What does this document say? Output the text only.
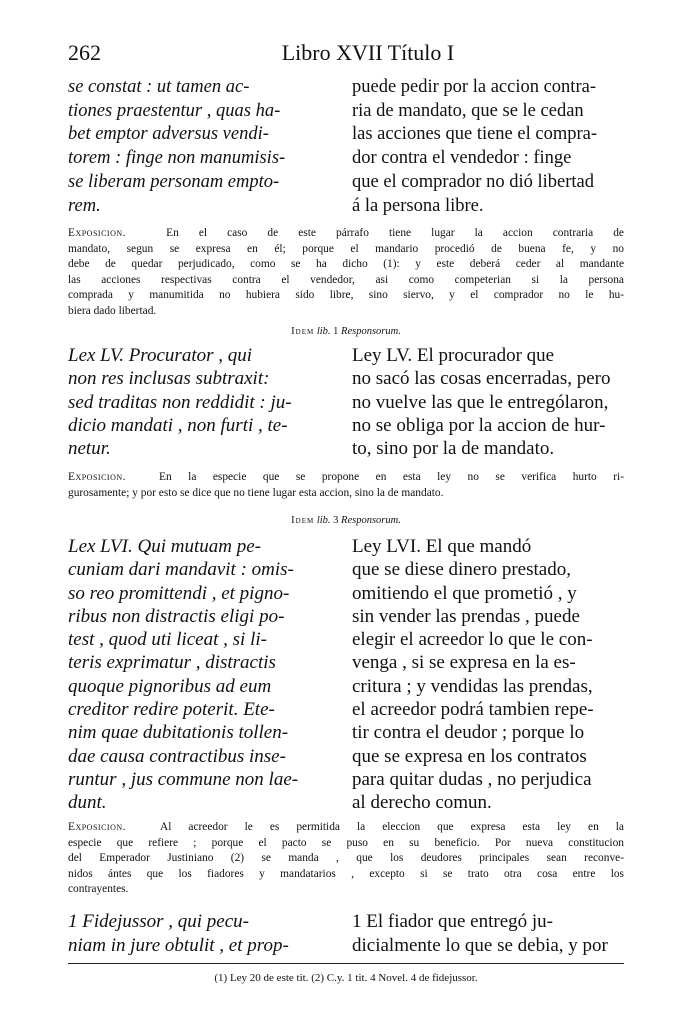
262	Libro XVII Título I
se constat : ut tamen ac-
tiones praestentur , quas ha-
bet emptor adversus vendi-
torem : finge non manumisis-
se liberam personam empto-
rem.
puede pedir por la accion contra-
ria de mandato, que se le cedan
las acciones que tiene el compra-
dor contra el vendedor : finge
que el comprador no dió libertad
á la persona libre.
Exposicion.	En el caso de este párrafo tiene lugar la accion contraria de
mandato, segun se expresa en él; porque el mandario procedió de buena fe, y no
debe de quedar perjudicado, como se ha dicho (1): y este deberá ceder al mandante
las acciones respectivas contra el vendedor, asi como competerian si la persona
comprada y manumitida no hubiera sido libre, sino siervo, y el comprador no le hu-
biera dado libertad.
Idem lib. 1 Responsorum.
Lex LV. Procurator , qui
non res inclusas subtraxit:
sed traditas non reddidit : ju-
dicio mandati , non furti , te-
netur.
Ley LV. El procurador que
no sacó las cosas encerradas, pero
no vuelve las que le entrególaron,
no se obliga por la accion de hur-
to, sino por la de mandato.
Exposicion.	En la especie que se propone en esta ley no se verifica hurto ri-
gurosamente; y por esto se dice que no tiene lugar esta accion, sino la de mandato.
Idem lib. 3 Responsorum.
Lex LVI. Qui mutuam pe-
cuniam dari mandavit : omis-
so reo promittendi , et pigno-
ribus non distractis eligi po-
test , quod uti liceat , si li-
teris exprimatur , distractis
quoque pignoribus ad eum
creditor redire poterit. Ete-
nim quae dubitationis tollen-
dae causa contractibus inse-
runtur , jus commune non lae-
dunt.
Ley LVI. El que mandó
que se diese dinero prestado,
omitiendo el que prometió , y
sin vender las prendas , puede
elegir el acreedor lo que le con-
venga , si se expresa en la es-
critura ; y vendidas las prendas,
el acreedor podrá tambien repe-
tir contra el deudor ; porque lo
que se expresa en los contratos
para quitar dudas , no perjudica
al derecho comun.
Exposicion.	Al acreedor le es permitida la eleccion que expresa esta ley en la
especie que refiere ; porque el pacto se puso en su beneficio. Por nueva constitucion
del Emperador Justiniano (2) se manda , que los deudores principales sean reconve-
nidos ántes que los fiadores y mandatarios , excepto si se trato otra cosa entre los
contrayentes.
1 Fidejussor , qui pecu-
niam in jure obtulit , et prop-
1 El fiador que entregó ju-
dicialmente lo que se debia, y por
(1) Ley 20 de este tit. (2) C.y. 1 tit. 4 Novel. 4 de fidejussor.
